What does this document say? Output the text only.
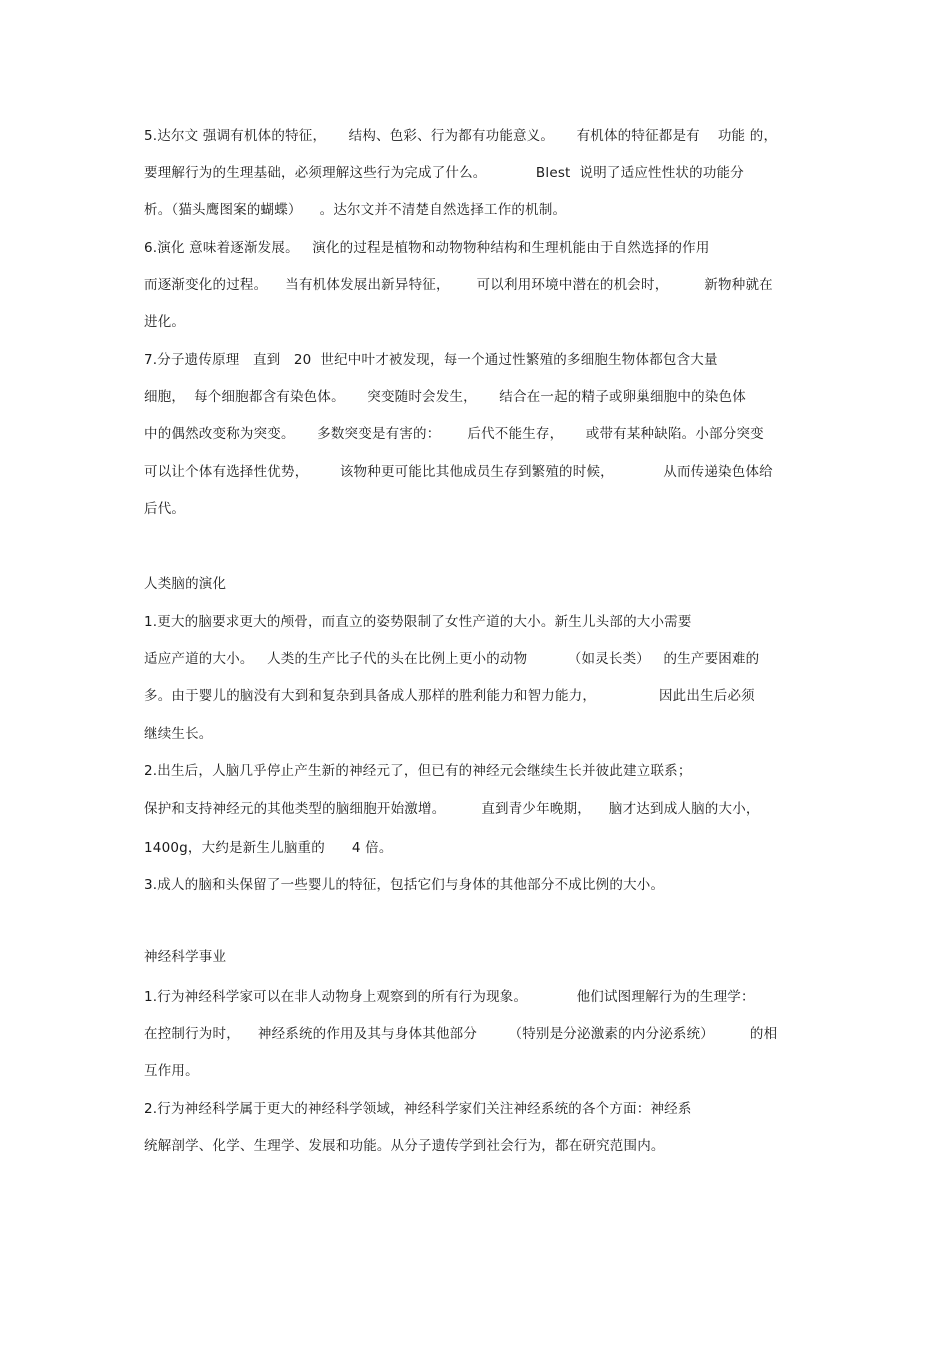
5.达尔文 强调有机体的特征，     结构、色彩、行为都有功能意义。     有机体的特征都是有    功能 的，
要理解行为的生理基础，必须理解这些行为完成了什么。           Blest  说明了适应性性状的功能分
析。（猫头鹰图案的蝴蝶）    。达尔文并不清楚自然选择工作的机制。
6.演化 意味着逐渐发展。   演化的过程是植物和动物物种结构和生理机能由于自然选择的作用
而逐渐变化的过程。    当有机体发展出新异特征，      可以利用环境中潜在的机会时，        新物种就在
进化。
7.分子遗传原理   直到   20  世纪中叶才被发现，每一个通过性繁殖的多细胞生物体都包含大量
细胞，  每个细胞都含有染色体。     突变随时会发生，     结合在一起的精子或卵巢细胞中的染色体
中的偶然改变称为突变。     多数突变是有害的：      后代不能生存，     或带有某种缺陷。小部分突变
可以让个体有选择性优势，       该物种更可能比其他成员生存到繁殖的时候，           从而传递染色体给
后代。
人类脑的演化
1.更大的脑要求更大的颅骨，而直立的姿势限制了女性产道的大小。新生儿头部的大小需要
适应产道的大小。   人类的生产比子代的头在比例上更小的动物         （如灵长类）   的生产要困难的
多。由于婴儿的脑没有大到和复杂到具备成人那样的胜利能力和智力能力，              因此出生后必须
继续生长。
2.出生后，人脑几乎停止产生新的神经元了，但已有的神经元会继续生长并彼此建立联系；
保护和支持神经元的其他类型的脑细胞开始激增。        直到青少年晚期，    脑才达到成人脑的大小，
1400g，大约是新生儿脑重的      4 倍。
3.成人的脑和头保留了一些婴儿的特征，包括它们与身体的其他部分不成比例的大小。
神经科学事业
1.行为神经科学家可以在非人动物身上观察到的所有行为现象。           他们试图理解行为的生理学：
在控制行为时，    神经系统的作用及其与身体其他部分       （特别是分泌激素的内分泌系统）        的相
互作用。
2.行为神经科学属于更大的神经科学领域，神经科学家们关注神经系统的各个方面：神经系
统解剖学、化学、生理学、发展和功能。从分子遗传学到社会行为，都在研究范围内。
